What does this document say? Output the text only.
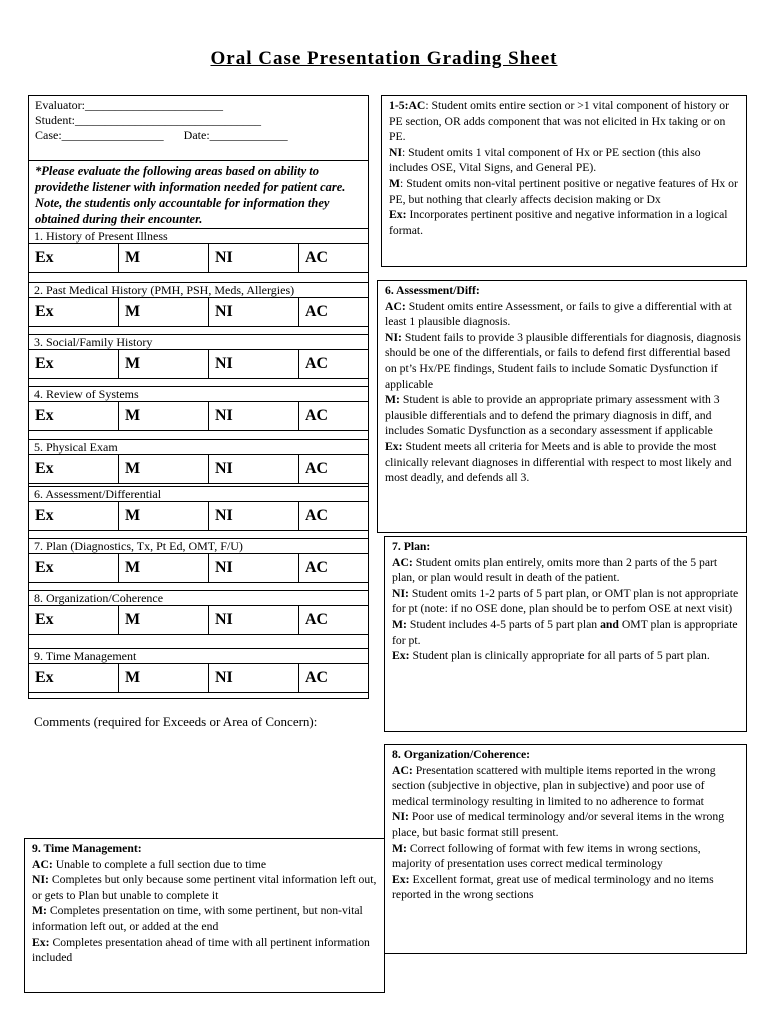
Oral Case Presentation Grading Sheet
Evaluator:_______________________
Student:_______________________________
Case:_________________ Date:_____________
*Please evaluate the following areas based on ability to providethe listener with information needed for patient care. Note, the studentis only accountable for information they obtained during their encounter.
1. History of Present Illness
Ex	M	NI	AC
2. Past Medical History (PMH, PSH, Meds, Allergies)
Ex	M	NI	AC
3. Social/Family History
Ex	M	NI	AC
4. Review of Systems
Ex	M	NI	AC
5. Physical Exam
Ex	M	NI	AC
6. Assessment/Differential
Ex	M	NI	AC
7. Plan (Diagnostics, Tx, Pt Ed, OMT, F/U)
Ex	M	NI	AC
8. Organization/Coherence
Ex	M	NI	AC
9. Time Management
Ex	M	NI	AC
Comments (required for Exceeds or Area of Concern):

1-5:AC: Student omits entire section or >1 vital component of history or PE section, OR adds component that was not elicited in Hx taking or on PE.

NI: Student omits 1 vital component of Hx or PE section (this also includes OSE, Vital Signs, and General PE).

M: Student omits non-vital pertinent positive or negative features of Hx or PE, but nothing that clearly affects decision making or Dx

Ex: Incorporates pertinent positive and negative information in a logical format.

6. Assessment/Diff:

AC: Student omits entire Assessment, or fails to give a differential with at least 1 plausible diagnosis.

NI: Student fails to provide 3 plausible differentials for diagnosis, diagnosis should be one of the differentials, or fails to defend first differential based on pt’s Hx/PE findings, Student fails to include Somatic Dysfunction if applicable

M: Student is able to provide an appropriate primary assessment with 3 plausible differentials and to defend the primary diagnosis in diff, and includes Somatic Dysfunction as a secondary assessment if applicable

Ex: Student meets all criteria for Meets and is able to provide the most clinically relevant diagnoses in differential with respect to most likely and most deadly, and defends all 3.

7. Plan:

AC: Student omits plan entirely, omits more than 2 parts of the 5 part plan, or plan would result in death of the patient.

NI: Student omits 1-2 parts of 5 part plan, or OMT plan is not appropriate for pt (note: if no OSE done, plan should be to perfom OSE at next visit)

M: Student includes 4-5 parts of 5 part plan and OMT plan is appropriate for pt.

Ex: Student plan is clinically appropriate for all parts of 5 part plan.

8. Organization/Coherence:

AC: Presentation scattered with multiple items reported in the wrong section (subjective in objective, plan in subjective) and poor use of medical terminology resulting in limited to no adherence to format

NI: Poor use of medical terminology and/or several items in the wrong place, but basic format still present.

M: Correct following of format with few items in wrong sections, majority of presentation uses correct medical terminology

Ex: Excellent format, great use of medical terminology and no items reported in the wrong sections

9. Time Management:

AC: Unable to complete a full section due to time

NI: Completes but only because some pertinent vital information left out, or gets to Plan but unable to complete it

M: Completes presentation on time, with some pertinent, but non-vital information left out, or added at the end

Ex: Completes presentation ahead of time with all pertinent information included
